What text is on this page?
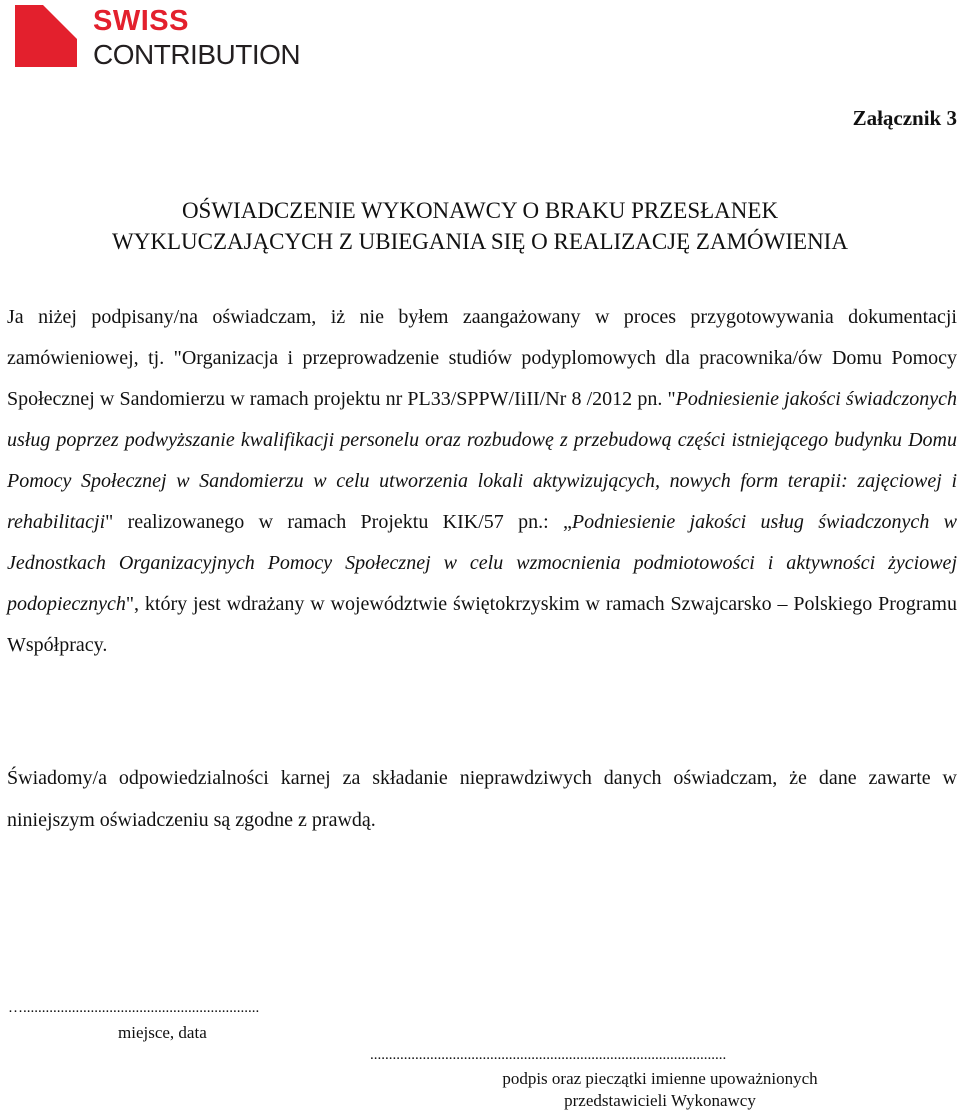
SWISS
CONTRIBUTION
Załącznik 3
OŚWIADCZENIE WYKONAWCY O BRAKU PRZESŁANEK
WYKLUCZAJĄCYCH Z UBIEGANIA SIĘ O REALIZACJĘ ZAMÓWIENIA

Ja niżej podpisany/na oświadczam, iż nie byłem zaangażowany w proces przygotowywania dokumentacji zamówieniowej, tj. "Organizacja i przeprowadzenie studiów podyplomowych dla pracownika/ów Domu Pomocy Społecznej w Sandomierzu w ramach projektu nr PL33/SPPW/IiII/Nr 8 /2012 pn. "Podniesienie jakości świadczonych usług poprzez podwyższanie kwalifikacji personelu oraz rozbudowę z przebudową części istniejącego budynku Domu Pomocy Społecznej w Sandomierzu w celu utworzenia lokali aktywizujących, nowych form terapii: zajęciowej i rehabilitacji" realizowanego w ramach Projektu KIK/57 pn.: „Podniesienie jakości usług świadczonych w Jednostkach Organizacyjnych Pomocy Społecznej w celu wzmocnienia podmiotowości i aktywności życiowej podopiecznych", który jest wdrażany w województwie świętokrzyskim w ramach Szwajcarsko – Polskiego Programu Współpracy.

Świadomy/a odpowiedzialności karnej za składanie nieprawdziwych danych oświadczam, że dane zawarte w niniejszym oświadczeniu są zgodne z prawdą.

…...............................................................
miejsce, data
...............................................................................................
podpis oraz pieczątki imienne upoważnionych
przedstawicieli Wykonawcy
